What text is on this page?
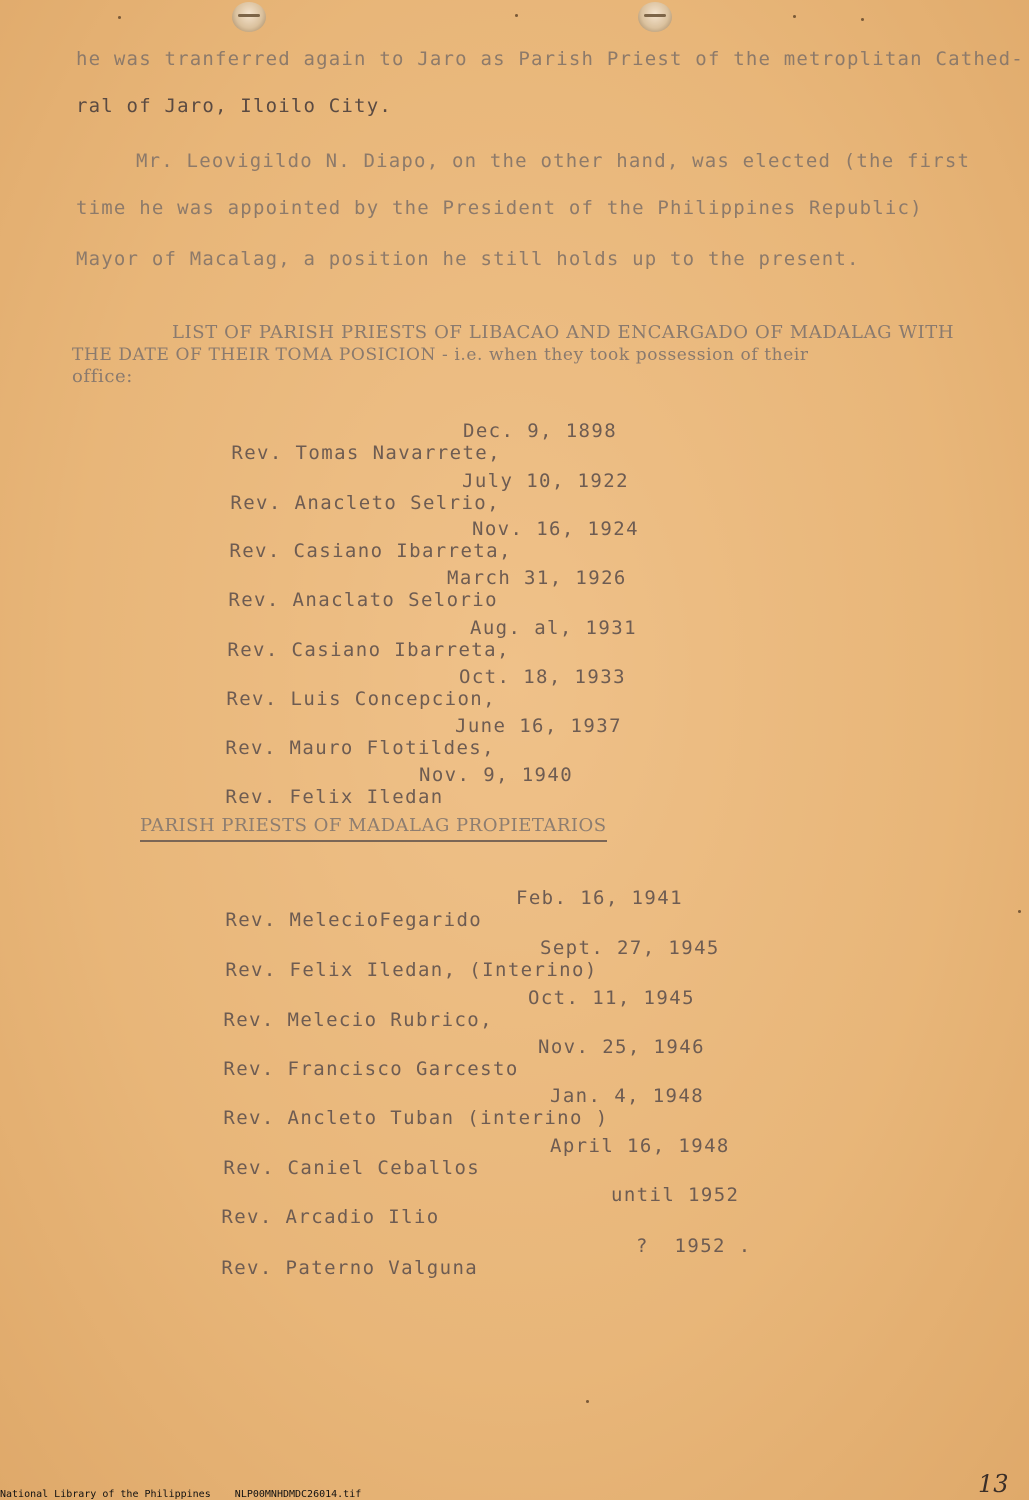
he was tranferred again to Jaro as Parish Priest of the metroplitan Cathed-
ral of Jaro, Iloilo City.
Mr. Leovigildo N. Diapo, on the other hand, was elected (the first
time he was appointed by the President of the Philippines Republic)
Mayor of Macalag, a position he still holds up to the present.
LIST OF PARISH PRIESTS OF LIBACAO AND ENCARGADO OF MADALAG WITH
THE DATE OF THEIR TOMA POSICION - i.e. when they took possession of their
office:

Rev. Tomas Navarrete,

Dec. 9, 1898

Rev. Anacleto Selrio,

July 10, 1922

Rev. Casiano Ibarreta,

Nov. 16, 1924

Rev. Anaclato Selorio

March 31, 1926

Rev. Casiano Ibarreta,

Aug. al, 1931

Rev. Luis Concepcion,

Oct. 18, 1933

Rev. Mauro Flotildes,

June 16, 1937

Rev. Felix Iledan

Nov. 9, 1940

PARISH PRIESTS OF MADALAG PROPIETARIOS

Rev. MelecioFegarido

Feb. 16, 1941

Rev. Felix Iledan, (Interino)

Sept. 27, 1945

Rev. Melecio Rubrico,

Oct. 11, 1945

Rev. Francisco Garcesto

Nov. 25, 1946

Rev. Ancleto Tuban (interino )

Jan. 4, 1948

Rev. Caniel Ceballos

April 16, 1948

Rev. Arcadio Ilio

until 1952

Rev. Paterno Valguna

?  1952 .

13
National Library of the Philippines    NLP00MNHDMDC26014.tif
